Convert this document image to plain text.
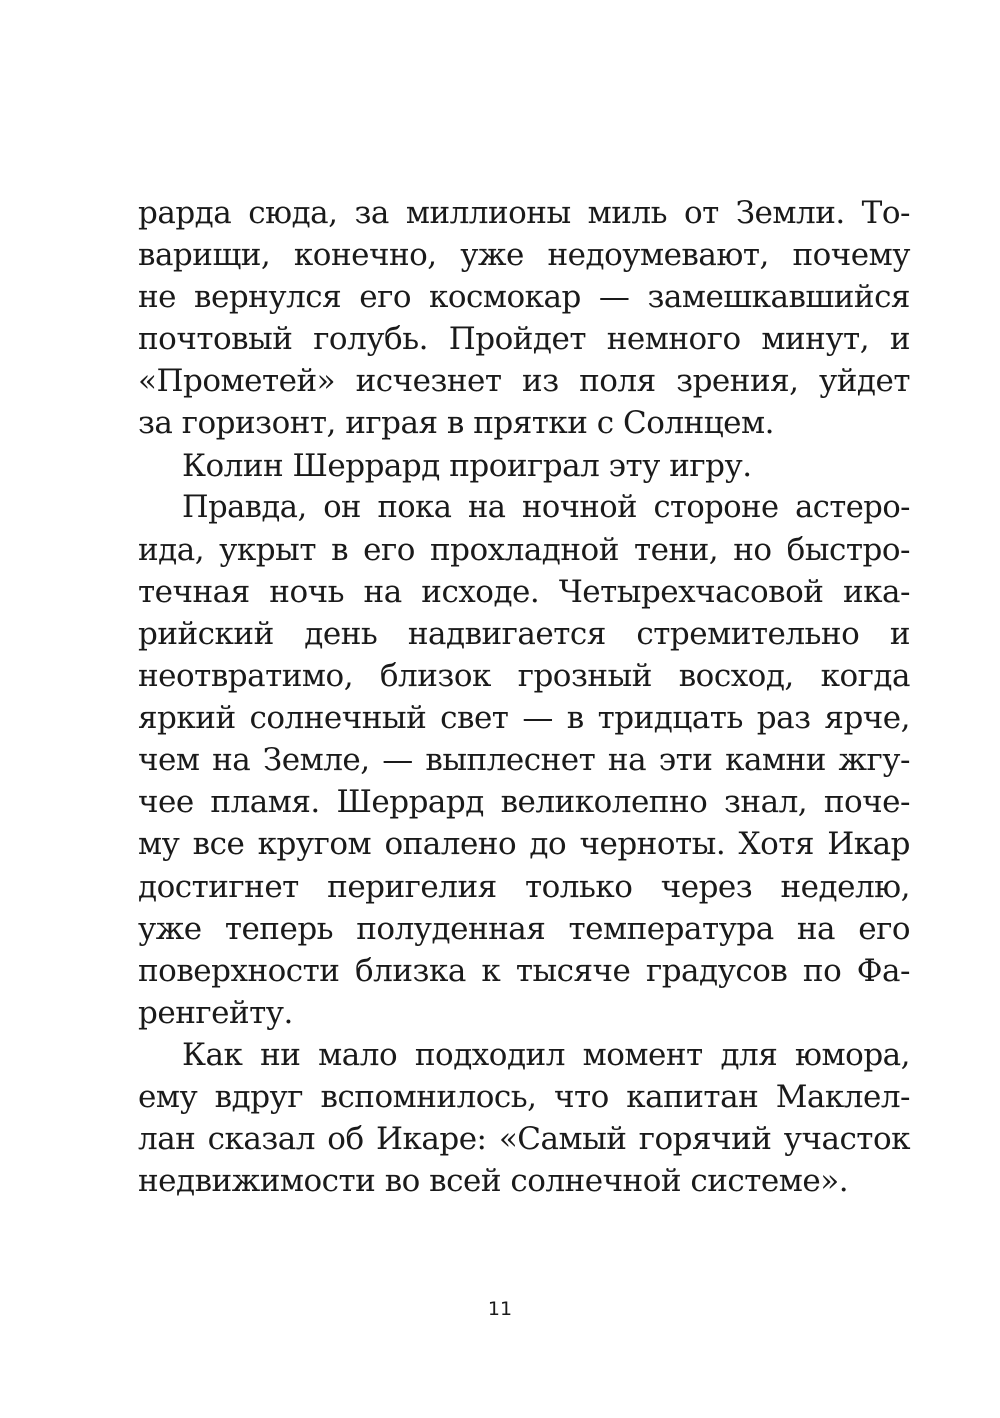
рарда сюда, за миллионы миль от Земли. То-
варищи, конечно, уже недоумевают, почему
не вернулся его космокар — замешкавшийся
почтовый голубь. Пройдет немного минут, и
«Прометей» исчезнет из поля зрения, уйдет
за горизонт, играя в прятки с Солнцем.
Колин Шеррард проиграл эту игру.
Правда, он пока на ночной стороне астеро-
ида, укрыт в его прохладной тени, но быстро-
течная ночь на исходе. Четырехчасовой ика-
рийский день надвигается стремительно и
неотвратимо, близок грозный восход, когда
яркий солнечный свет — в тридцать раз ярче,
чем на Земле, — выплеснет на эти камни жгу-
чее пламя. Шеррард великолепно знал, поче-
му все кругом опалено до черноты. Хотя Икар
достигнет перигелия только через неделю,
уже теперь полуденная температура на его
поверхности близка к тысяче градусов по Фа-
ренгейту.
Как ни мало подходил момент для юмора,
ему вдруг вспомнилось, что капитан Маклел-
лан сказал об Икаре: «Самый горячий участок
недвижимости во всей солнечной системе».
11
